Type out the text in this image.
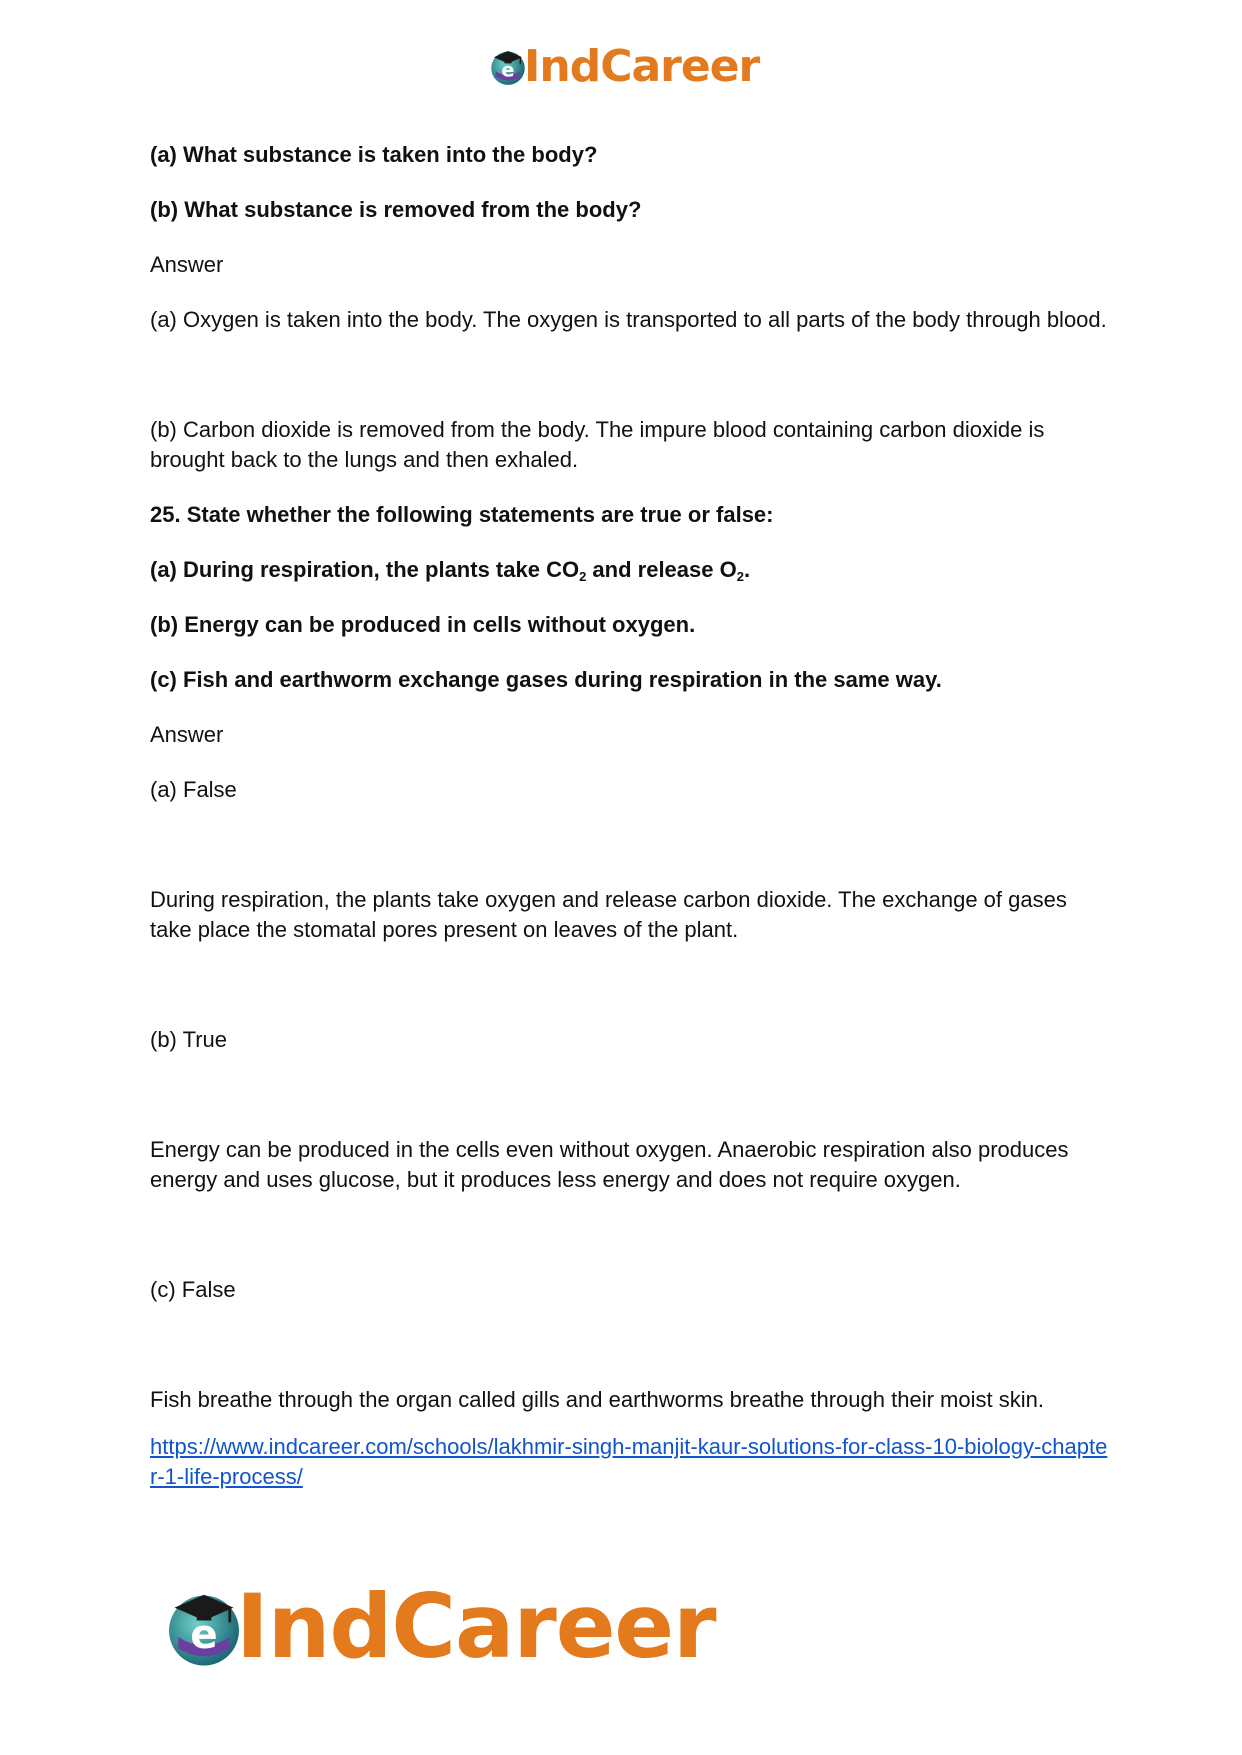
e IndCareer

(a) What substance is taken into the body?

(b) What substance is removed from the body?

Answer

(a) Oxygen is taken into the body. The oxygen is transported to all parts of the body through blood.

(b) Carbon dioxide is removed from the body. The impure blood containing carbon dioxide is brought back to the lungs and then exhaled.

25. State whether the following statements are true or false:

(a) During respiration, the plants take $CO_2$ and release $O_2$.

(b) Energy can be produced in cells without oxygen.

(c) Fish and earthworm exchange gases during respiration in the same way.

Answer

(a) False

During respiration, the plants take oxygen and release carbon dioxide. The exchange of gases take place the stomatal pores present on leaves of the plant.

(b) True

Energy can be produced in the cells even without oxygen. Anaerobic respiration also produces energy and uses glucose, but it produces less energy and does not require oxygen.

(c) False

Fish breathe through the organ called gills and earthworms breathe through their moist skin.

https://www.indcareer.com/schools/lakhmir-singh-manjit-kaur-solutions-for-class-10-biology-chapter-1-life-process/
e IndCareer
